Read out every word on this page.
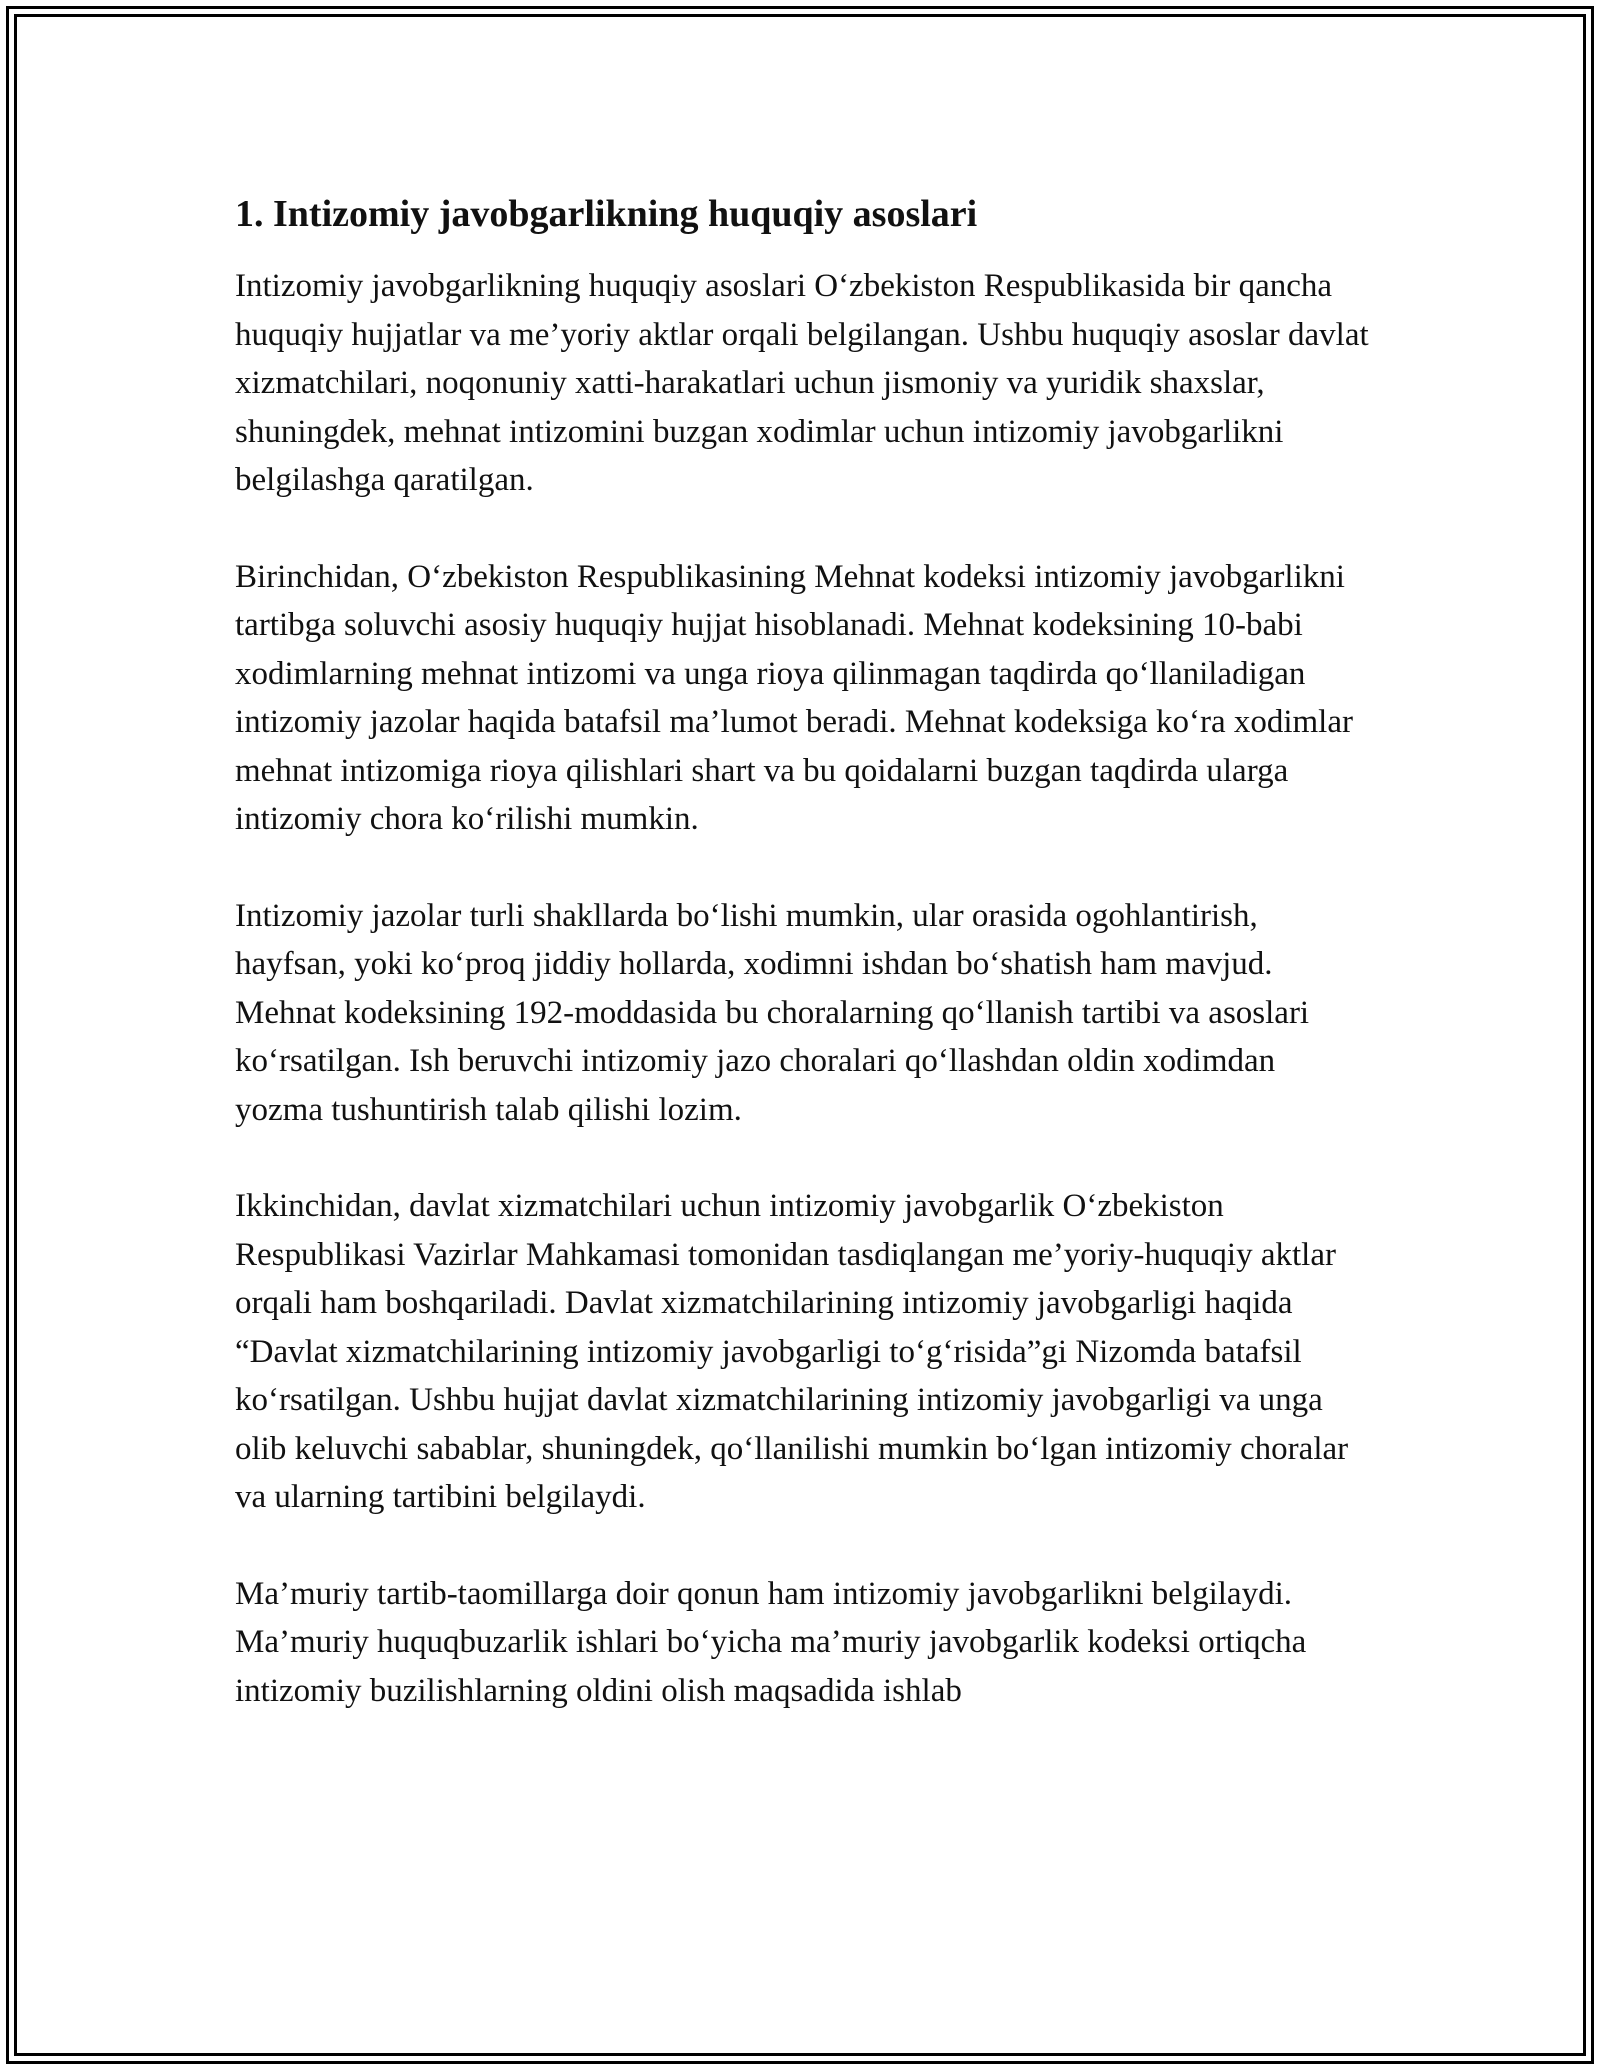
1. Intizomiy javobgarlikning huquqiy asoslari

Intizomiy javobgarlikning huquqiy asoslari O‘zbekiston Respublikasida bir qancha huquqiy hujjatlar va me’yoriy aktlar orqali belgilangan. Ushbu huquqiy asoslar davlat xizmatchilari, noqonuniy xatti-harakatlari uchun jismoniy va yuridik shaxslar, shuningdek, mehnat intizomini buzgan xodimlar uchun intizomiy javobgarlikni belgilashga qaratilgan.

Birinchidan, O‘zbekiston Respublikasining Mehnat kodeksi intizomiy javobgarlikni tartibga soluvchi asosiy huquqiy hujjat hisoblanadi. Mehnat kodeksining 10-babi xodimlarning mehnat intizomi va unga rioya qilinmagan taqdirda qo‘llaniladigan intizomiy jazolar haqida batafsil ma’lumot beradi. Mehnat kodeksiga ko‘ra xodimlar mehnat intizomiga rioya qilishlari shart va bu qoidalarni buzgan taqdirda ularga intizomiy chora ko‘rilishi mumkin.

Intizomiy jazolar turli shakllarda bo‘lishi mumkin, ular orasida ogohlantirish, hayfsan, yoki ko‘proq jiddiy hollarda, xodimni ishdan bo‘shatish ham mavjud. Mehnat kodeksining 192-moddasida bu choralarning qo‘llanish tartibi va asoslari ko‘rsatilgan. Ish beruvchi intizomiy jazo choralari qo‘llashdan oldin xodimdan yozma tushuntirish talab qilishi lozim.

Ikkinchidan, davlat xizmatchilari uchun intizomiy javobgarlik O‘zbekiston Respublikasi Vazirlar Mahkamasi tomonidan tasdiqlangan me’yoriy-huquqiy aktlar orqali ham boshqariladi. Davlat xizmatchilarining intizomiy javobgarligi haqida “Davlat xizmatchilarining intizomiy javobgarligi to‘g‘risida”gi Nizomda batafsil ko‘rsatilgan. Ushbu hujjat davlat xizmatchilarining intizomiy javobgarligi va unga olib keluvchi sabablar, shuningdek, qo‘llanilishi mumkin bo‘lgan intizomiy choralar va ularning tartibini belgilaydi.

Ma’muriy tartib-taomillarga doir qonun ham intizomiy javobgarlikni belgilaydi. Ma’muriy huquqbuzarlik ishlari bo‘yicha ma’muriy javobgarlik kodeksi ortiqcha intizomiy buzilishlarning oldini olish maqsadida ishlab
